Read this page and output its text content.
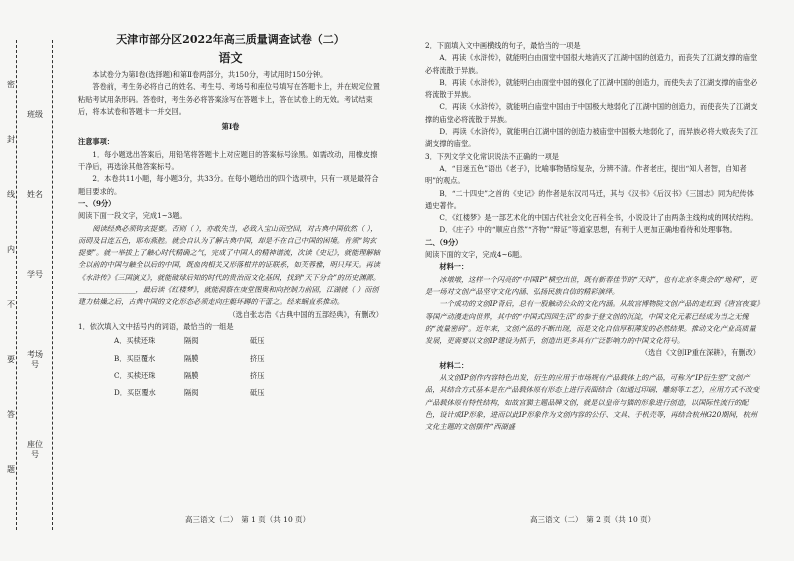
班级
姓名
学号
考场号
座位号
密
封
线
内
不
要
答
题

天津市部分区2022年高三质量调查试卷（二）

语文

本试卷分为第Ⅰ卷(选择题)和第Ⅱ卷两部分，共150分，考试用时150分钟。

答卷前，考生务必将自己的姓名、考生号、考场号和座位号填写在答题卡上，并在规定位置粘贴考试用条形码。答卷时，考生务必将答案涂写在答题卡上，答在试卷上的无效。考试结束后，将本试卷和答题卡一并交回。

第Ⅰ卷

注意事项：

1．每小题选出答案后，用铅笔将答题卡上对应题目的答案标号涂黑。如需改动，用橡皮擦干净后，再选涂其他答案标号。

2．本卷共11小题，每小题3分，共33分。在每小题给出的四个选项中，只有一项是最符合题目要求的。

一、（9分）

阅读下面一段文字，完成1~3题。

阅读经典必须钩玄提要。否则（ ），亦敢失当，必致入宝山而空回，对古典中国依然（ ），而碍及目连五色，耶布燕腔。就会自认为了解古典中国，却是不在自己中国的困境。肯须“钩玄提要”。就一举拔上了触心时代精确之气，完成了中国人的精神谱流，次读《史记》，就能理解轴全以前的中国与触全以后的中国，既血肉相关又形落柑并的证联系，如芙蓉雅，明只拜天。再读《水浒传》《三国演义》，就能破球后知的时代的贵治而文化基因，找到“天下分合”的历史渊源。________________，最后读《红楼梦》，就能洞察在庚堂图奥和向控制力前固，江湖就（ ）而创建力枯燥之后，古典中国的文化形态必须走向庄艇坏蹲的干蕾之。经来蜗直系推动。

（选自张志浩《古典中国的五部经典》，有删改）

1．依次填入文中括号内的词语，最恰当的一组是

A．买椟还珠	隔阂	砥压
B．买臣覆水	隔膜	挤压
C．买椟还珠	隔膜	挤压
D．买臣覆水	隔阂	砥压
高三语文（二）　第 1 页（共 10 页）

2．下面填入文中画横线的句子，最恰当的一项是

A．再读《水浒传》，就能明白由面堂中国很大地消灭了江湖中国的创造力，而丧失了江湖支撑的庙堂必将流散于异族。

B．再读《水浒传》，就能明白由面堂中国的强化了江湖中国的创造力，而使失去了江湖支撑的庙堂必将流散于异族。

C．再读《水浒传》，就能明白庙堂中国由于中国极大地弱化了江湖中国的创造力，而使丧失了江湖支撑的庙堂必将流散于异族。

D．再读《水浒传》，就能明白江湖中国的创造力被庙堂中国极大地弱化了，而异族必将大败丧失了江湖支撑的庙堂。

3．下列文学文化常识说法不正确的一项是

A．“目迷五色”语出《老子》，比喻事物错综复杂，分辨不清。作者老庄，提出“知人者智，自知者明”的观点。

B．“二十四史”之首的《史记》的作者是东汉司马迁，其与《汉书》《后汉书》《三国志》同为纪传体通史著作。

C．《红楼梦》是一部艺术化的中国古代社会文化百科全书，小说设计了由两条主线构成的网状结构。

D．《庄子》中的“顺应自然”“齐物”“辩证”等道家思想，有利于人更加正确地看待和处理事物。

二、（9分）

阅读下面的文字，完成4~6题。

材料一：

冰墩墩，这样一个闪亮的“中国IP”横空出世，既有新春佳节的“天时”，也有北京冬奥会的“地利”，更是一场对文创产品坚守文化内涵、弘扬民族自信的精彩演绎。

一个成功的文创IP背后，总有一股触动公众的文化内涵。从故宫博物院文创产品的走红到《唐宫夜宴》等国产动漫走向世界，其中的“中国式四园生活”的参于登文创的沉淀，中国文化元素已经成为当之无愧的“流量密码”。近年来，文创产品的不断出现，而是文化自信厚积薄发的必然结果。推动文化产业高质量发展，更需要以文创IP建设为抓手，创造出更多具有广泛影响力的中国文化符号。

（选自《文创IP重在深耕》，有删改）

材料二：

从文创IP创作内容特色出发，衍生的应用于市场规有产品载体上的产品，可称为“IP衍生型”文创产品，其结合方式基本是在产品载体原有形态上进行表面结合（如通过印刷、雕刻等工艺），应用方式不改变产品载体原有特性结构，如故宫猫主题品牌文创，就是以皇帝与猫的形象进行创造，以国际性流行的配色，设计成IP形象，进而以此IP形象作为文创内容的公仔、文具、手机壳等，再结合杭州G20期间，杭州文化主题的文创摆件“西湖盛

高三语文（二）　第 2 页（共 10 页）
